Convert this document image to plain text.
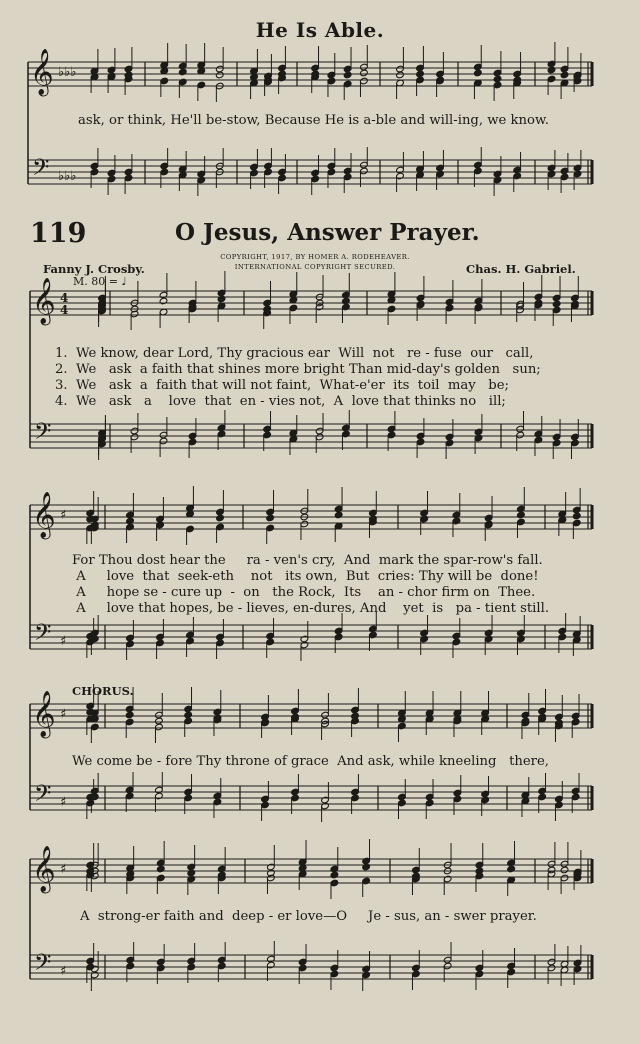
He Is Able.
𝄞
𝄢
♭♭♭
♭♭♭
𝄞
𝄢
4
4
𝄞
𝄢
♯
♯
𝄞
𝄢
♯
♯
𝄞
𝄢
♯
♯
ask, or think, He'll be-stow, Because He is a-ble and will-ing, we know.
119	O Jesus, Answer Prayer.
Fanny J. Crosby.
COPYRIGHT, 1917, BY HOMER A. RODEHEAVER.
INTERNATIONAL COPYRIGHT SECURED.	Chas. H. Gabriel.
M. 80 = ♩
1.  We know, dear Lord, Thy gracious ear  Will  not   re - fuse  our   call,
2.  We   ask  a faith that shines more bright Than mid-day's golden   sun;
3.  We   ask  a  faith that will not faint,  What-e'er  its  toil  may   be;
4.  We   ask   a    love  that  en - vies not,  A  love that thinks no   ill;
For Thou dost hear the     ra - ven's cry,  And  mark the spar-row's fall.
A     love  that  seek-eth    not   its own,  But  cries: Thy will be  done!
A     hope se - cure up  -  on   the Rock,  Its    an - chor firm on  Thee.
A     love that hopes, be - lieves, en-dures, And    yet  is   pa - tient still.
CHORUS.
We come be - fore Thy throne of grace  And ask, while kneeling   there,
A  strong-er faith and  deep - er love—O     Je - sus, an - swer prayer.
